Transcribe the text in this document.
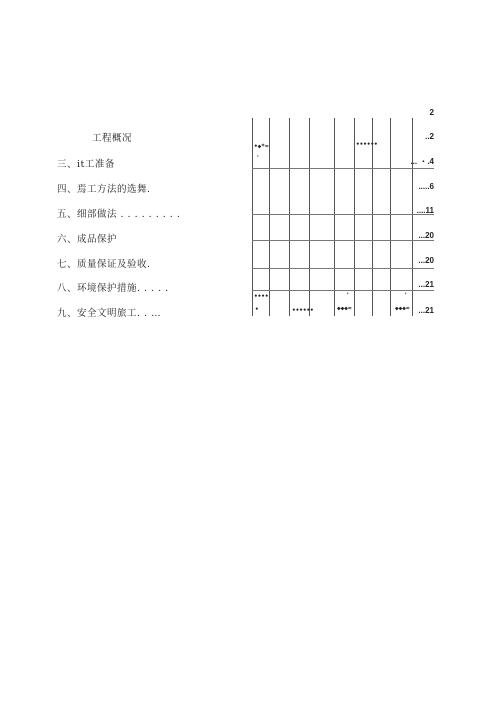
2
•◆*≈
·
••••••
••••
•	••••••
'
◆◆◆≈
'
◆◆◆≈
工程概况	..2
三、it工准备	... ・.4
四、焉工方法的选舞.	.....6
五、细部做法 . . . . . . . . .	....11
六、成品保护	...20
七、质量保证及验收.	...20
八、环境保护措施. . . . .	...21
九、安全文明旅工. . …	...21
